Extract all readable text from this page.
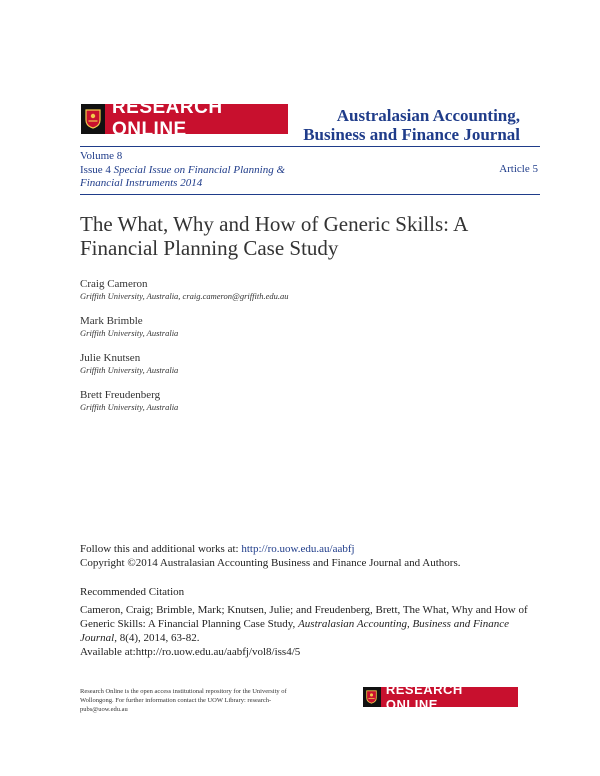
RESEARCH ONLINE
Australasian Accounting,
Business and Finance Journal
Volume 8
Issue 4 Special Issue on Financial Planning & Financial Instruments 2014
Article 5
The What, Why and How of Generic Skills: A Financial Planning Case Study
Craig Cameron
Griffith University, Australia, craig.cameron@griffith.edu.au
Mark Brimble
Griffith University, Australia
Julie Knutsen
Griffith University, Australia
Brett Freudenberg
Griffith University, Australia
Follow this and additional works at: http://ro.uow.edu.au/aabfj
Copyright ©2014 Australasian Accounting Business and Finance Journal and Authors.
Recommended Citation
Cameron, Craig; Brimble, Mark; Knutsen, Julie; and Freudenberg, Brett, The What, Why and How of Generic Skills: A Financial Planning Case Study, Australasian Accounting, Business and Finance Journal, 8(4), 2014, 63-82.
Available at:http://ro.uow.edu.au/aabfj/vol8/iss4/5
Research Online is the open access institutional repository for the University of Wollongong. For further information contact the UOW Library: research-pubs@uow.edu.au
RESEARCH ONLINE
